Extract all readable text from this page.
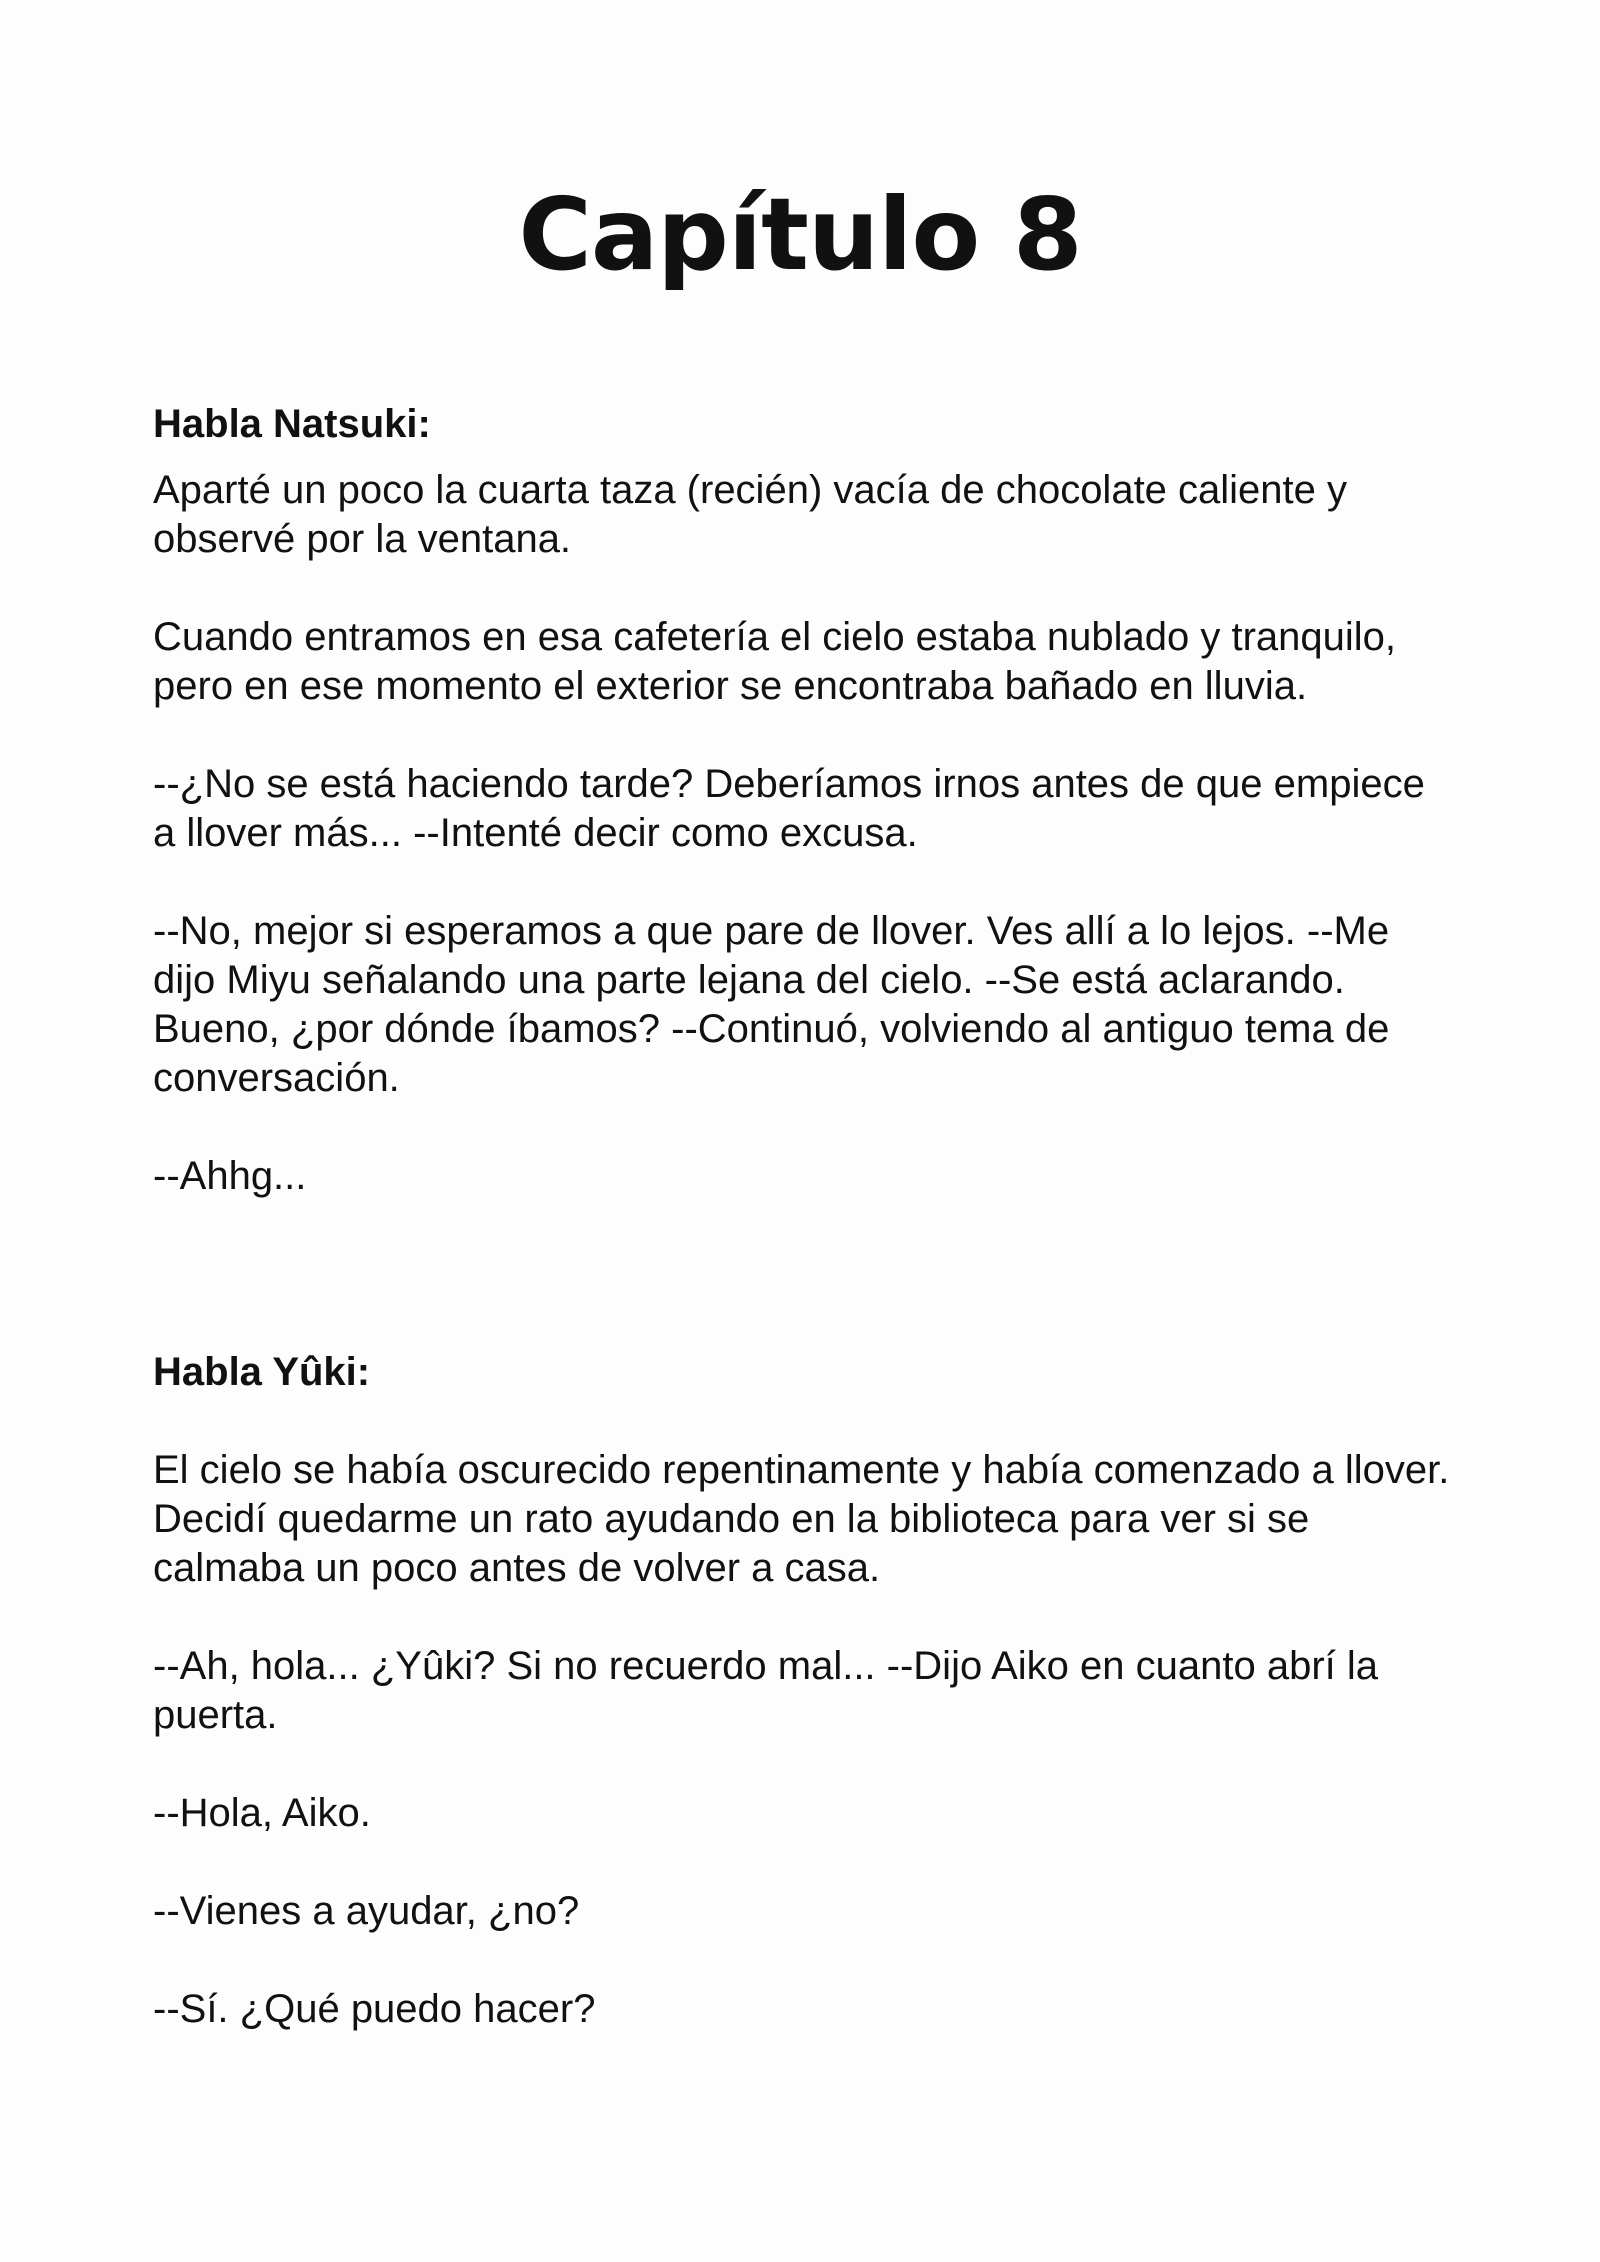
Capítulo 8

Habla Natsuki:

Aparté un poco la cuarta taza (recién) vacía de chocolate caliente y observé por la ventana.

Cuando entramos en esa cafetería el cielo estaba nublado y tranquilo, pero en ese momento el exterior se encontraba bañado en lluvia.

--¿No se está haciendo tarde? Deberíamos irnos antes de que empiece a llover más... --Intenté decir como excusa.

--No, mejor si esperamos a que pare de llover. Ves allí a lo lejos. --Me dijo Miyu señalando una parte lejana del cielo. --Se está aclarando. Bueno, ¿por dónde íbamos? --Continuó, volviendo al antiguo tema de conversación.

--Ahhg...

Habla Yûki:

El cielo se había oscurecido repentinamente y había comenzado a llover. Decidí quedarme un rato ayudando en la biblioteca para ver si se calmaba un poco antes de volver a casa.

--Ah, hola... ¿Yûki? Si no recuerdo mal... --Dijo Aiko en cuanto abrí la puerta.

--Hola, Aiko.

--Vienes a ayudar, ¿no?

--Sí. ¿Qué puedo hacer?
